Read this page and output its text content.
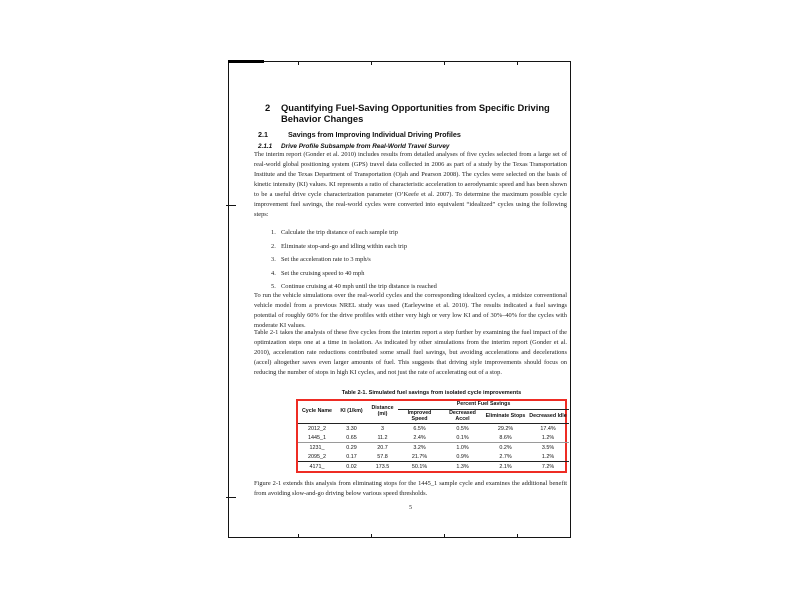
2	Quantifying Fuel-Saving Opportunities from Specific Driving Behavior Changes
2.1	Savings from Improving Individual Driving Profiles
2.1.1	Drive Profile Subsample from Real-World Travel Survey
The interim report (Gonder et al. 2010) includes results from detailed analyses of five cycles selected from a large set of real-world global positioning system (GPS) travel data collected in 2006 as part of a study by the Texas Transportation Institute and the Texas Department of Transportation (Ojah and Pearson 2008). The cycles were selected on the basis of kinetic intensity (KI) values. KI represents a ratio of characteristic acceleration to aerodynamic speed and has been shown to be a useful drive cycle characterization parameter (O’Keefe et al. 2007). To determine the maximum possible cycle improvement fuel savings, the real-world cycles were converted into equivalent “idealized” cycles using the following steps:
1. Calculate the trip distance of each sample trip
2. Eliminate stop-and-go and idling within each trip
3. Set the acceleration rate to 3 mph/s
4. Set the cruising speed to 40 mph
5. Continue cruising at 40 mph until the trip distance is reached
To run the vehicle simulations over the real-world cycles and the corresponding idealized cycles, a midsize conventional vehicle model from a previous NREL study was used (Earleywine et al. 2010). The results indicated a fuel savings potential of roughly 60% for the drive profiles with either very high or very low KI and of 30%–40% for the cycles with moderate KI values.
Table 2-1 takes the analysis of these five cycles from the interim report a step further by examining the fuel impact of the optimization steps one at a time in isolation. As indicated by other simulations from the interim report (Gonder et al. 2010), acceleration rate reductions contributed some small fuel savings, but avoiding accelerations and decelerations (accel) altogether saves even larger amounts of fuel. This suggests that driving style improvements should focus on reducing the number of stops in high KI cycles, and not just the rate of accelerating out of a stop.
Table 2-1. Simulated fuel savings from isolated cycle improvements
Cycle Name	KI (1/km)	Distance (mi)	Percent Fuel Savings			
			Improved Speed	Decreased Accel	Eliminate Stops	Decreased Idle
2012_2	3.30	3	6.5%	0.5%	29.2%	17.4%
1445_1	0.65	11.2	2.4%	0.1%	8.6%	1.2%
1231_	0.29	20.7	3.2%	1.0%	0.2%	3.5%
2095_2	0.17	57.8	21.7%	0.9%	2.7%	1.2%
4171_	0.02	173.5	50.1%	1.3%	2.1%	7.2%
Figure 2-1 extends this analysis from eliminating stops for the 1445_1 sample cycle and examines the additional benefit from avoiding slow-and-go driving below various speed thresholds.
5
